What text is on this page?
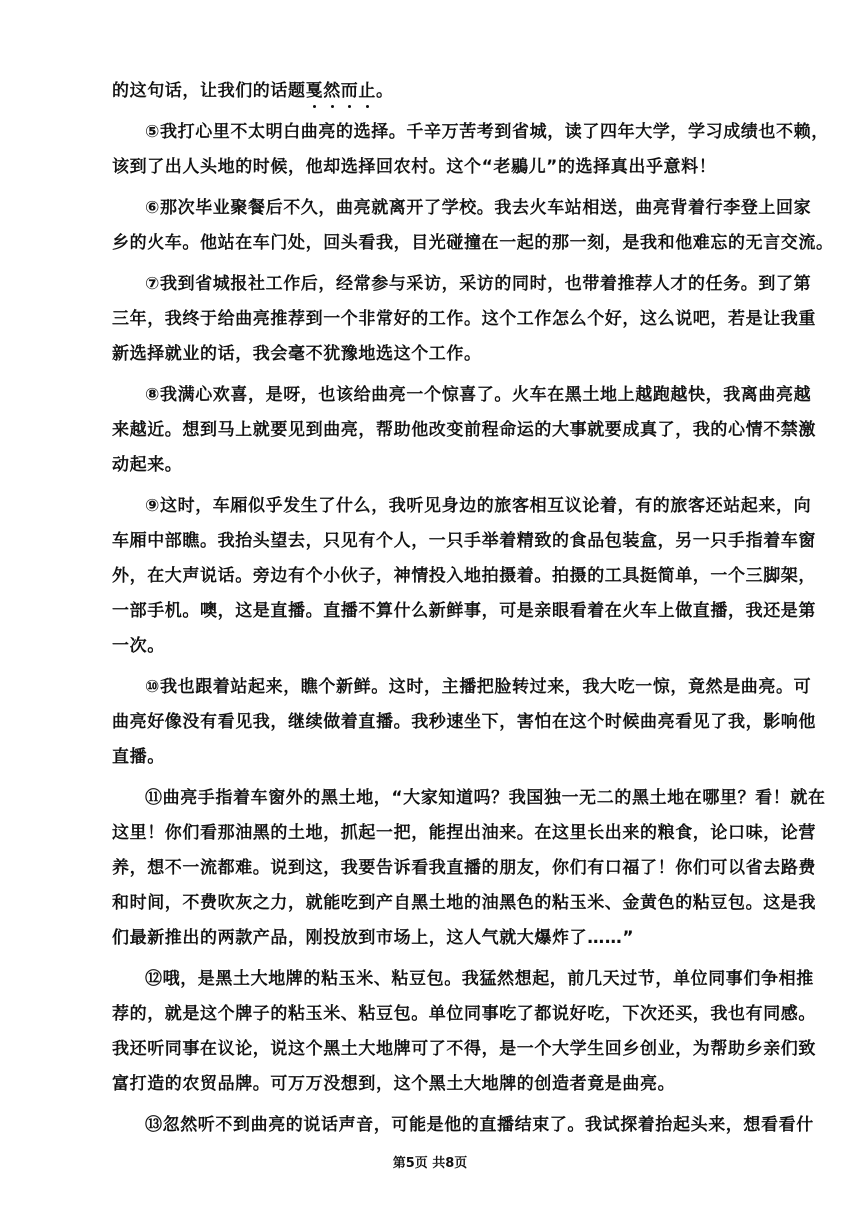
的这句话，让我们的话题戛然而止
。
⑤我打心里不太明白曲亮的选择。千辛万苦考到省城，读了四年大学，学习成绩也不赖，
该到了出人头地的时候，他却选择回农村。这个“老鶍儿”的选择真出乎意料！
⑥那次毕业聚餐后不久，曲亮就离开了学校。我去火车站相送，曲亮背着行李登上回家
乡的火车。他站在车门处，回头看我，目光碰撞在一起的那一刻，是我和他难忘的无言交流。
⑦我到省城报社工作后，经常参与采访，采访的同时，也带着推荐人才的任务。到了第
三年，我终于给曲亮推荐到一个非常好的工作。这个工作怎么个好，这么说吧，若是让我重
新选择就业的话，我会毫不犹豫地选这个工作。
⑧我满心欢喜，是呀，也该给曲亮一个惊喜了。火车在黑土地上越跑越快，我离曲亮越
来越近。想到马上就要见到曲亮，帮助他改变前程命运的大事就要成真了，我的心情不禁激
动起来。
⑨这时，车厢似乎发生了什么，我听见身边的旅客相互议论着，有的旅客还站起来，向
车厢中部瞧。我抬头望去，只见有个人，一只手举着精致的食品包装盒，另一只手指着车窗
外，在大声说话。旁边有个小伙子，神情投入地拍摄着。拍摄的工具挺简单，一个三脚架，
一部手机。噢，这是直播。直播不算什么新鲜事，可是亲眼看着在火车上做直播，我还是第
一次。
⑩我也跟着站起来，瞧个新鲜。这时，主播把脸转过来，我大吃一惊，竟然是曲亮。可
曲亮好像没有看见我，继续做着直播。我秒速坐下，害怕在这个时候曲亮看见了我，影响他
直播。
⑪曲亮手指着车窗外的黑土地，“大家知道吗？我国独一无二的黑土地在哪里？看！就在
这里！你们看那油黑的土地，抓起一把，能捏出油来。在这里长出来的粮食，论口味，论营
养，想不一流都难。说到这，我要告诉看我直播的朋友，你们有口福了！你们可以省去路费
和时间，不费吹灰之力，就能吃到产自黑土地的油黑色的粘玉米、金黄色的粘豆包。这是我
们最新推出的两款产品，刚投放到市场上，这人气就大爆炸了……”
⑫哦，是黑土大地牌的粘玉米、粘豆包。我猛然想起，前几天过节，单位同事们争相推
荐的，就是这个牌子的粘玉米、粘豆包。单位同事吃了都说好吃，下次还买，我也有同感。
我还听同事在议论，说这个黑土大地牌可了不得，是一个大学生回乡创业，为帮助乡亲们致
富打造的农贸品牌。可万万没想到，这个黑土大地牌的创造者竟是曲亮。
⑬忽然听不到曲亮的说话声音，可能是他的直播结束了。我试探着抬起头来，想看看什
第5页 共8页
